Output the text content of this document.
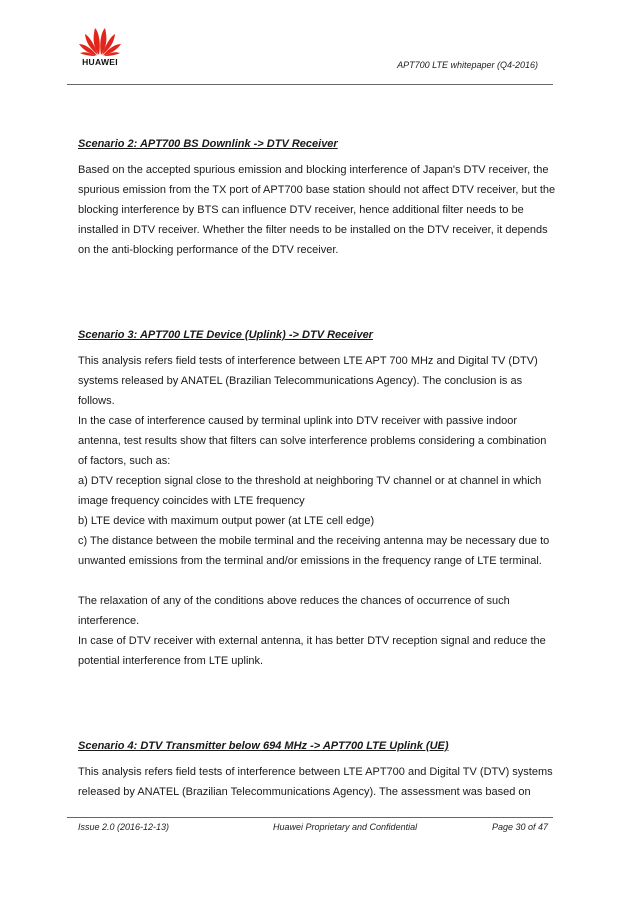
HUAWEI	APT700 LTE whitepaper (Q4-2016)

Scenario 2: APT700 BS Downlink -> DTV Receiver

Based on the accepted spurious emission and blocking interference of Japan's DTV receiver, the spurious emission from the TX port of APT700 base station should not affect DTV receiver, but the blocking interference by BTS can influence DTV receiver, hence additional filter needs to be installed in DTV receiver. Whether the filter needs to be installed on the DTV receiver, it depends on the anti-blocking performance of the DTV receiver.

Scenario 3: APT700 LTE Device (Uplink) -> DTV Receiver

This analysis refers field tests of interference between LTE APT 700 MHz and Digital TV (DTV) systems released by ANATEL (Brazilian Telecommunications Agency). The conclusion is as follows.

In the case of interference caused by terminal uplink into DTV receiver with passive indoor antenna, test results show that filters can solve interference problems considering a combination of factors, such as:

a) DTV reception signal close to the threshold at neighboring TV channel or at channel in which image frequency coincides with LTE frequency

b) LTE device with maximum output power (at LTE cell edge)

c) The distance between the mobile terminal and the receiving antenna may be necessary due to unwanted emissions from the terminal and/or emissions in the frequency range of LTE terminal.

The relaxation of any of the conditions above reduces the chances of occurrence of such interference.

In case of DTV receiver with external antenna, it has better DTV reception signal and reduce the potential interference from LTE uplink.

Scenario 4: DTV Transmitter below 694 MHz -> APT700 LTE Uplink (UE)

This analysis refers field tests of interference between LTE APT700 and Digital TV (DTV) systems released by ANATEL (Brazilian Telecommunications Agency). The assessment was based on

Issue 2.0 (2016-12-13)	Huawei Proprietary and Confidential	Page 30 of 47
